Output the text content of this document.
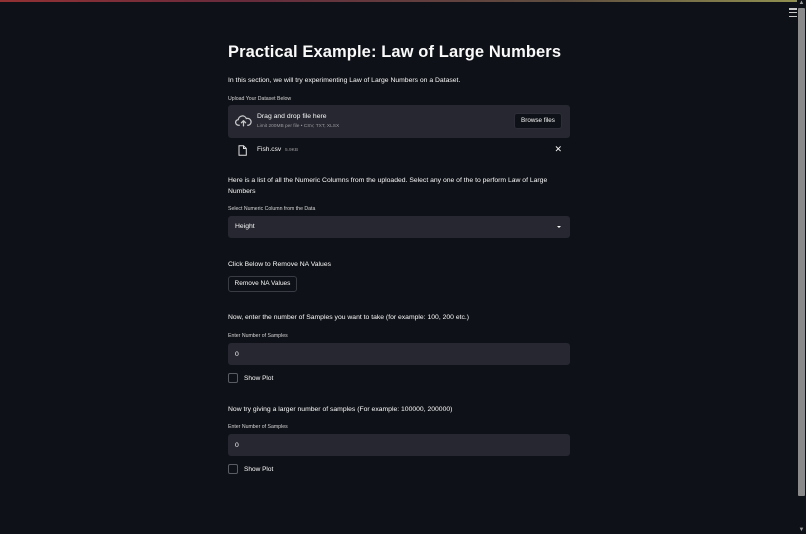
▲
▼
Practical Example: Law of Large Numbers

In this section, we will try experimenting Law of Large Numbers on a Dataset.

Upload Your Dataset Below
Drag and drop file here
Limit 200MB per file • CSV, TXT, XLSX
Browse files
Fish.csv 5.9KB	✕

Here is a list of all the Numeric Columns from the uploaded. Select any one of the to perform Law of Large Numbers

Select Numeric Column from the Data
Height

Click Below to Remove NA Values

Remove NA Values

Now, enter the number of Samples you want to take (for example: 100, 200 etc.)

Enter Number of Samples
0
Show Plot

Now try giving a larger number of samples (For example: 100000, 200000)

Enter Number of Samples
0
Show Plot
